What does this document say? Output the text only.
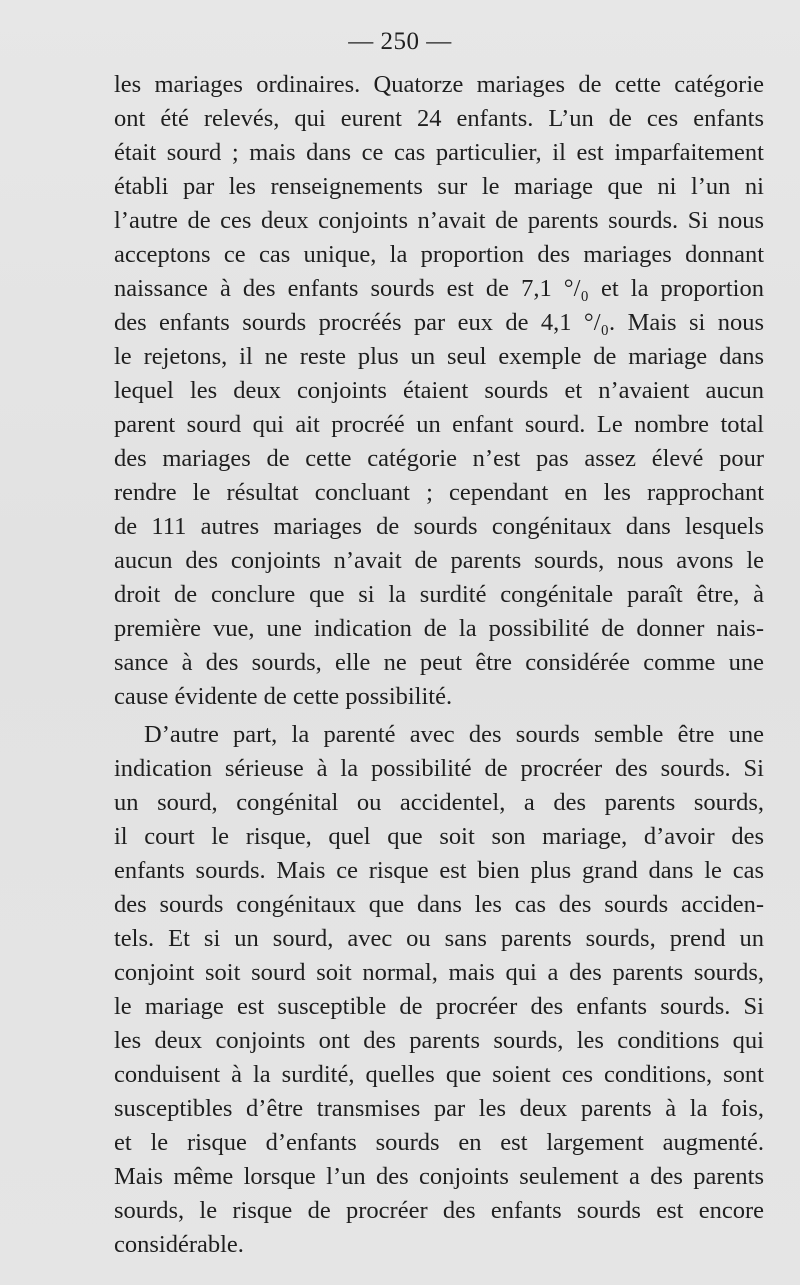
— 250 —
les mariages ordinaires. Quatorze mariages de cette catégorie
ont été relevés, qui eurent 24 enfants. L’un de ces enfants
était sourd ; mais dans ce cas particulier, il est imparfaitement
établi par les renseignements sur le mariage que ni l’un ni
l’autre de ces deux conjoints n’avait de parents sourds. Si nous
acceptons ce cas unique, la proportion des mariages donnant
naissance à des enfants sourds est de 7,1 °/₀ et la proportion
des enfants sourds procréés par eux de 4,1 °/₀. Mais si nous
le rejetons, il ne reste plus un seul exemple de mariage dans
lequel les deux conjoints étaient sourds et n’avaient aucun
parent sourd qui ait procréé un enfant sourd. Le nombre total
des mariages de cette catégorie n’est pas assez élevé pour
rendre le résultat concluant ; cependant en les rapprochant
de 111 autres mariages de sourds congénitaux dans lesquels
aucun des conjoints n’avait de parents sourds, nous avons le
droit de conclure que si la surdité congénitale paraît être, à
première vue, une indication de la possibilité de donner nais-
sance à des sourds, elle ne peut être considérée comme une
cause évidente de cette possibilité.
D’autre part, la parenté avec des sourds semble être une
indication sérieuse à la possibilité de procréer des sourds. Si
un sourd, congénital ou accidentel, a des parents sourds,
il court le risque, quel que soit son mariage, d’avoir des
enfants sourds. Mais ce risque est bien plus grand dans le cas
des sourds congénitaux que dans les cas des sourds acciden-
tels. Et si un sourd, avec ou sans parents sourds, prend un
conjoint soit sourd soit normal, mais qui a des parents sourds,
le mariage est susceptible de procréer des enfants sourds. Si
les deux conjoints ont des parents sourds, les conditions qui
conduisent à la surdité, quelles que soient ces conditions, sont
susceptibles d’être transmises par les deux parents à la fois,
et le risque d’enfants sourds en est largement augmenté.
Mais même lorsque l’un des conjoints seulement a des parents
sourds, le risque de procréer des enfants sourds est encore
considérable.
